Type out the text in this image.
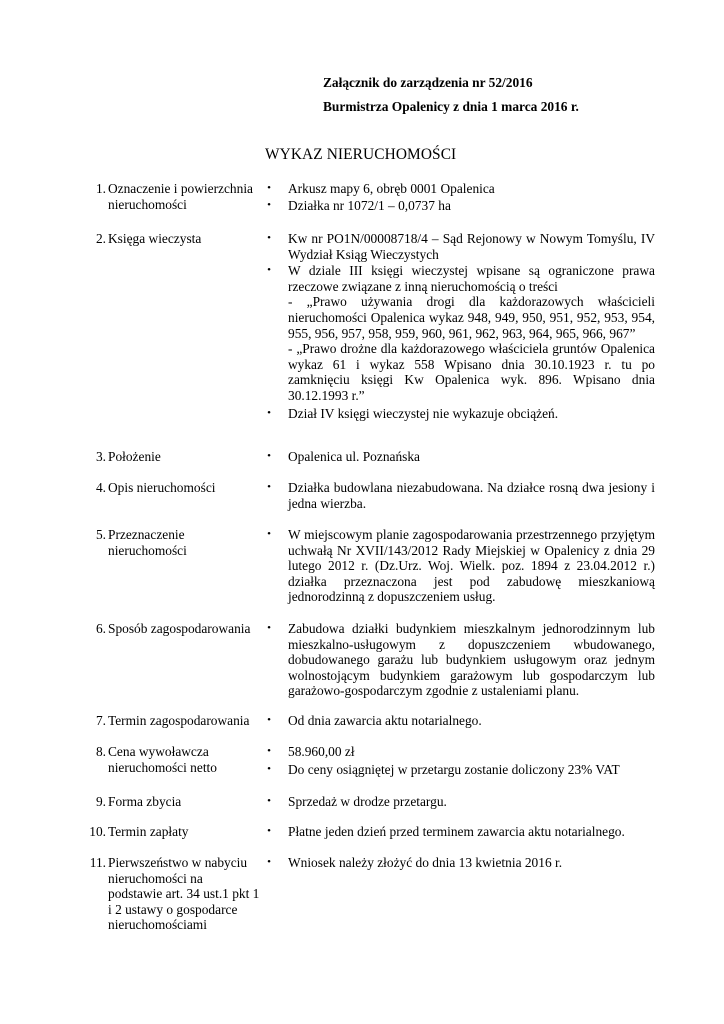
Załącznik do zarządzenia nr 52/2016
Burmistrza Opalenicy z dnia 1 marca 2016 r.
WYKAZ NIERUCHOMOŚCI
1. Oznaczenie i powierzchnia nieruchomości
•	Arkusz mapy 6, obręb 0001 Opalenica
•	Działka nr 1072/1 – 0,0737 ha
2. Księga wieczysta	•	Kw nr PO1N/00008718/4 – Sąd Rejonowy w Nowym Tomyślu, IV Wydział Ksiąg Wieczystych
•	W dziale III księgi wieczystej wpisane są ograniczone prawa rzeczowe związane z inną nieruchomością o treści
- „Prawo używania drogi dla każdorazowych właścicieli nieruchomości Opalenica wykaz 948, 949, 950, 951, 952, 953, 954, 955, 956, 957, 958, 959, 960, 961, 962, 963, 964, 965, 966, 967”
- „Prawo drożne dla każdorazowego właściciela gruntów Opalenica wykaz 61 i wykaz 558 Wpisano dnia 30.10.1923 r. tu po zamknięciu księgi Kw Opalenica wyk. 896. Wpisano dnia 30.12.1993 r.”
•	Dział IV księgi wieczystej nie wykazuje obciążeń.
3. Położenie	•	Opalenica ul. Poznańska
4. Opis nieruchomości	•	Działka budowlana niezabudowana. Na działce rosną dwa jesiony i jedna wierzba.
5. Przeznaczenie nieruchomości
•	W miejscowym planie zagospodarowania przestrzennego przyjętym uchwałą Nr XVII/143/2012 Rady Miejskiej w Opalenicy z dnia 29 lutego 2012 r. (Dz.Urz. Woj. Wielk. poz. 1894 z 23.04.2012 r.) działka przeznaczona jest pod zabudowę mieszkaniową jednorodzinną z dopuszczeniem usług.
6. Sposób zagospodarowania	•	Zabudowa działki budynkiem mieszkalnym jednorodzinnym lub mieszkalno-usługowym z dopuszczeniem wbudowanego, dobudowanego garażu lub budynkiem usługowym oraz jednym wolnostojącym budynkiem garażowym lub gospodarczym lub garażowo-gospodarczym zgodnie z ustaleniami planu.
7. Termin zagospodarowania	•	Od dnia zawarcia aktu notarialnego.
8. Cena wywoławcza nieruchomości netto
•	58.960,00 zł
•	Do ceny osiągniętej w przetargu zostanie doliczony 23% VAT
9. Forma zbycia	•	Sprzedaż w drodze przetargu.
10. Termin zapłaty	•	Płatne jeden dzień przed terminem zawarcia aktu notarialnego.
11. Pierwszeństwo w nabyciu nieruchomości na podstawie art. 34 ust.1 pkt 1 i 2 ustawy o gospodarce nieruchomościami
•	Wniosek należy złożyć do dnia 13 kwietnia 2016 r.
